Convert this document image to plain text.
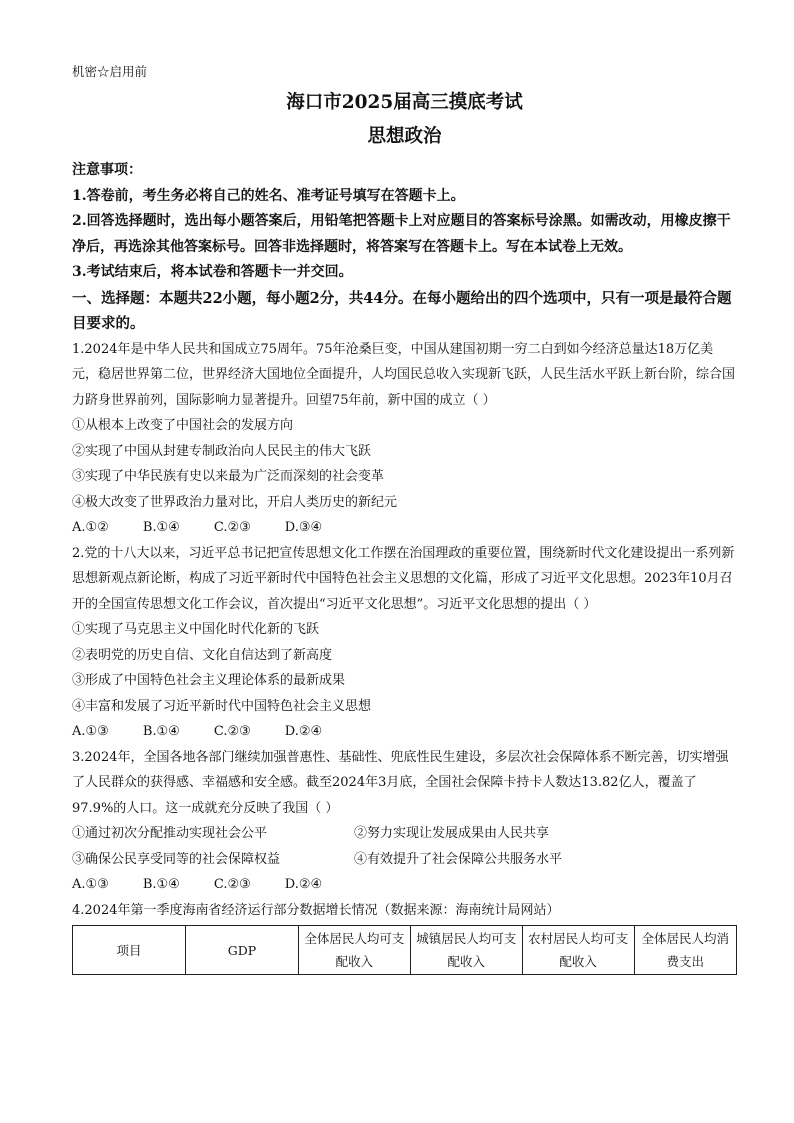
机密☆启用前
海口市2025届高三摸底考试
思想政治
注意事项：
1.答卷前，考生务必将自己的姓名、准考证号填写在答题卡上。
2.回答选择题时，选出每小题答案后，用铅笔把答题卡上对应题目的答案标号涂黑。如需改动，用橡皮擦干净后，再选涂其他答案标号。回答非选择题时，将答案写在答题卡上。写在本试卷上无效。
3.考试结束后，将本试卷和答题卡一并交回。
一、选择题：本题共22小题，每小题2分，共44分。在每小题给出的四个选项中，只有一项是最符合题目要求的。
1.2024年是中华人民共和国成立75周年。75年沧桑巨变，中国从建国初期一穷二白到如今经济总量达18万亿美元，稳居世界第二位，世界经济大国地位全面提升，人均国民总收入实现新飞跃，人民生活水平跃上新台阶，综合国力跻身世界前列，国际影响力显著提升。回望75年前，新中国的成立（ ）
①从根本上改变了中国社会的发展方向
②实现了中国从封建专制政治向人民民主的伟大飞跃
③实现了中华民族有史以来最为广泛而深刻的社会变革
④极大改变了世界政治力量对比，开启人类历史的新纪元
A.①②	B.①④	C.②③	D.③④
2.党的十八大以来，习近平总书记把宣传思想文化工作摆在治国理政的重要位置，围绕新时代文化建设提出一系列新思想新观点新论断，构成了习近平新时代中国特色社会主义思想的文化篇，形成了习近平文化思想。2023年10月召开的全国宣传思想文化工作会议，首次提出“习近平文化思想”。习近平文化思想的提出（ ）
①实现了马克思主义中国化时代化新的飞跃
②表明党的历史自信、文化自信达到了新高度
③形成了中国特色社会主义理论体系的最新成果
④丰富和发展了习近平新时代中国特色社会主义思想
A.①③	B.①④	C.②③	D.②④
3.2024年，全国各地各部门继续加强普惠性、基础性、兜底性民生建设，多层次社会保障体系不断完善，切实增强了人民群众的获得感、幸福感和安全感。截至2024年3月底，全国社会保障卡持卡人数达13.82亿人，覆盖了97.9%的人口。这一成就充分反映了我国（ ）
①通过初次分配推动实现社会公平	②努力实现让发展成果由人民共享
③确保公民享受同等的社会保障权益	④有效提升了社会保障公共服务水平
A.①③	B.①④	C.②③	D.②④
4.2024年第一季度海南省经济运行部分数据增长情况（数据来源：海南统计局网站）
项目	GDP	全体居民人均可支配收入	城镇居民人均可支配收入	农村居民人均可支配收入	全体居民人均消费支出
